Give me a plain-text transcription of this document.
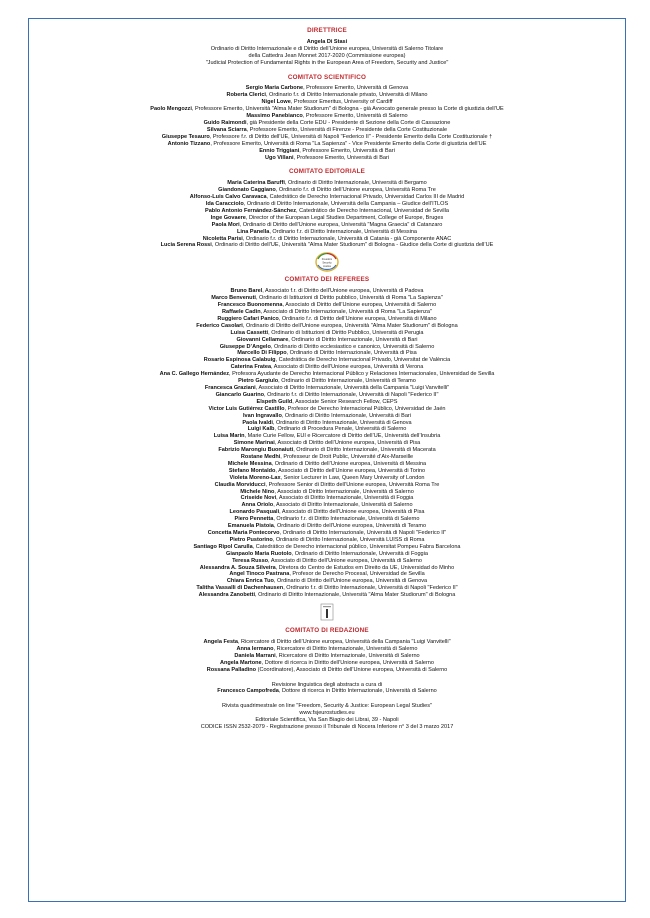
DIRETTRICE
Angela Di Stasi
Ordinario di Diritto Internazionale e di Diritto dell’Unione europea, Università di Salerno Titolare
della Cattedra Jean Monnet 2017-2020 (Commissione europea)
"Judicial Protection of Fundamental Rights in the European Area of Freedom, Security and Justice"
COMITATO SCIENTIFICO
Sergio Maria Carbone, Professore Emerito, Università di Genova
Roberta Clerici, Ordinario f.r. di Diritto Internazionale privato, Università di Milano
Nigel Lowe, Professor Emeritus, University of Cardiff
Paolo Mengozzi, Professore Emerito, Università "Alma Mater Studiorum" di Bologna - già Avvocato generale presso la Corte di giustizia dell’UE
Massimo Panebianco, Professore Emerito, Università di Salerno
Guido Raimondi, già Presidente della Corte EDU - Presidente di Sezione della Corte di Cassazione
Silvana Sciarra, Professore Emerito, Università di Firenze - Presidente della Corte Costituzionale
Giuseppe Tesauro, Professore f.r. di Diritto dell'UE, Università di Napoli "Federico II" - Presidente Emerito della Corte Costituzionale †
Antonio Tizzano, Professore Emerito, Università di Roma "La Sapienza" - Vice Presidente Emerito della Corte di giustizia dell’UE
Ennio Triggiani, Professore Emerito, Università di Bari
Ugo Villani, Professore Emerito, Università di Bari
COMITATO EDITORIALE
Maria Caterina Baruffi, Ordinario di Diritto Internazionale, Università di Bergamo
Giandonato Caggiano, Ordinario f.r. di Diritto dell’Unione europea, Università Roma Tre
Alfonso-Luis Calvo Caravaca, Catedrático de Derecho Internacional Privado, Universidad Carlos III de Madrid
Ida Caracciolo, Ordinario di Diritto Internazionale, Università della Campania – Giudice dell’ITLOS
Pablo Antonio Fernández-Sánchez, Catedrático de Derecho Internacional, Universidad de Sevilla
Inge Govaere, Director of the European Legal Studies Department, College of Europe, Bruges
Paola Mori, Ordinario di Diritto dell'Unione europea, Università "Magna Graecia" di Catanzaro
Lina Panella, Ordinario f.r. di Diritto Internazionale, Università di Messina
Nicoletta Parisi, Ordinario f.r. di Diritto Internazionale, Università di Catania - già Componente ANAC
Lucia Serena Rossi, Ordinario di Diritto dell'UE, Università "Alma Mater Studiorum" di Bologna - Giudice della Corte di giustizia dell’UE
Freedom
Security
Justice
COMITATO DEI REFEREES
Bruno Barel, Associato f.r. di Diritto dell’Unione europea, Università di Padova
Marco Benvenuti, Ordinario di Istituzioni di Diritto pubblico, Università di Roma "La Sapienza"
Francesco Buonomenna, Associato di Diritto dell'Unione europea, Università di Salerno
Raffaele Cadin, Associato di Diritto Internazionale, Università di Roma "La Sapienza"
Ruggiero Cafari Panico, Ordinario f.r. di Diritto dell’Unione europea, Università di Milano
Federico Casolari, Ordinario di Diritto dell’Unione europea, Università "Alma Mater Studiorum" di Bologna
Luisa Cassetti, Ordinario di Istituzioni di Diritto Pubblico, Università di Perugia
Giovanni Cellamare, Ordinario di Diritto Internazionale, Università di Bari
Giuseppe D’Angelo, Ordinario di Diritto ecclesiastico e canonico, Università di Salerno
Marcello Di Filippo, Ordinario di Diritto Internazionale, Università di Pisa
Rosario Espinosa Calabuig, Catedrática de Derecho Internacional Privado, Universitat de València
Caterina Fratea, Associato di Diritto dell’Unione europea, Università di Verona
Ana C. Gallego Hernández, Profesora Ayudante de Derecho Internacional Público y Relaciones Internacionales, Universidad de Sevilla
Pietro Gargiulo, Ordinario di Diritto Internazionale, Università di Teramo
Francesca Graziani, Associato di Diritto Internazionale, Università della Campania "Luigi Vanvitelli"
Giancarlo Guarino, Ordinario f.r. di Diritto Internazionale, Università di Napoli "Federico II"
Elspeth Guild, Associate Senior Research Fellow, CEPS
Victor Luis Gutiérrez Castillo, Profesor de Derecho Internacional Público, Universidad de Jaén
Ivan Ingravallo, Ordinario di Diritto Internazionale, Università di Bari
Paola Ivaldi, Ordinario di Diritto Internazionale, Università di Genova
Luigi Kalb, Ordinario di Procedura Penale, Università di Salerno
Luisa Marin, Marie Curie Fellow, EUI e Ricercatore di Diritto dell’UE, Università dell’Insubria
Simone Marinai, Associato di Diritto dell’Unione europea, Università di Pisa
Fabrizio Marongiu Buonaiuti, Ordinario di Diritto Internazionale, Università di Macerata
Rostane Medhi, Professeur de Droit Public, Université d’Aix-Marseille
Michele Messina, Ordinario di Diritto dell’Unione europea, Università di Messina
Stefano Montaldo, Associato di Diritto dell’Unione europea, Università di Torino
Violeta Moreno-Lax, Senior Lecturer in Law, Queen Mary University of London
Claudia Morviducci, Professore Senior di Diritto dell’Unione europea, Università Roma Tre
Michele Nino, Associato di Diritto Internazionale, Università di Salerno
Criseide Novi, Associato di Diritto Internazionale, Università di Foggia
Anna Oriolo, Associato di Diritto Internazionale, Università di Salerno
Leonardo Pasquali, Associato di Diritto dell'Unione europea, Università di Pisa
Piero Pennetta, Ordinario f.r. di Diritto Internazionale, Università di Salerno
Emanuela Pistoia, Ordinario di Diritto dell’Unione europea, Università di Teramo
Concetta Maria Pontecorvo, Ordinario di Diritto Internazionale, Università di Napoli "Federico II"
Pietro Pustorino, Ordinario di Diritto Internazionale, Università LUISS di Roma
Santiago Ripol Carulla, Catedrático de Derecho internacional público, Universitat Pompeu Fabra Barcelona
Gianpaolo Maria Ruotolo, Ordinario di Diritto Internazionale, Università di Foggia
Teresa Russo, Associato di Diritto dell’Unione europea, Università di Salerno
Alessandra A. Souza Silveira, Diretora do Centro de Estudos em Direito da UE, Universidad do Minho
Ángel Tinoco Pastrana, Profesor de Derecho Procesal, Universidad de Sevilla
Chiara Enrica Tuo, Ordinario di Diritto dell’Unione europea, Università di Genova
Talitha Vassalli di Dachenhausen, Ordinario f.r. di Diritto Internazionale, Università di Napoli "Federico II"
Alessandra Zanobetti, Ordinario di Diritto Internazionale, Università "Alma Mater Studiorum" di Bologna
COMITATO DI REDAZIONE
Angela Festa, Ricercatore di Diritto dell’Unione europea, Università della Campania "Luigi Vanvitelli"
Anna Iermano, Ricercatore di Diritto Internazionale, Università di Salerno
Daniela Marrani, Ricercatore di Diritto Internazionale, Università di Salerno
Angela Martone, Dottore di ricerca in Diritto dell’Unione europea, Università di Salerno
Rossana Palladino (Coordinatore), Associato di Diritto dell’Unione europea, Università di Salerno
Revisione linguistica degli abstracts a cura di
Francesco Campofreda, Dottore di ricerca in Diritto Internazionale, Università di Salerno
Rivista quadrimestrale on line "Freedom, Security & Justice: European Legal Studies"
www.fsjeurostudies.eu
Editoriale Scientifica, Via San Biagio dei Librai, 39 - Napoli
CODICE ISSN 2532-2079 - Registrazione presso il Tribunale di Nocera Inferiore n° 3 del 3 marzo 2017
